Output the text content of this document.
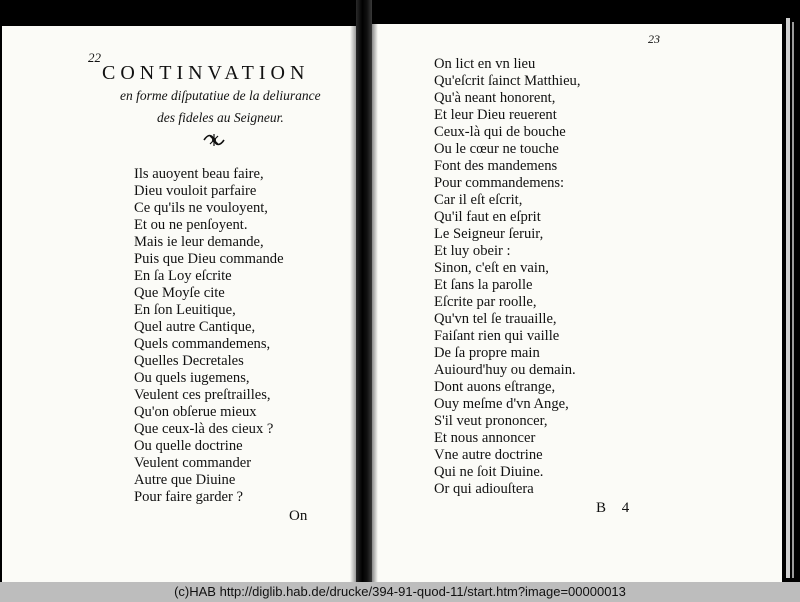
22
CONTINVATION
en forme diſputatiue de la deliurance
des fideles au Seigneur.
Ils auoyent beau faire,
Dieu vouloit parfaire
Ce qu'ils ne vouloyent,
Et ou ne penſoyent.
Mais ie leur demande,
Puis que Dieu commande
En ſa Loy eſcrite
Que Moyſe cite
En ſon Leuitique,
Quel autre Cantique,
Quels commandemens,
Quelles Decretales
Ou quels iugemens,
Veulent ces preſtrailles,
Qu'on obſerue mieux
Que ceux-là des cieux ?
Ou quelle doctrine
Veulent commander
Autre que Diuine
Pour faire garder ?
On
23
On lict en vn lieu
Qu'eſcrit ſainct Matthieu,
Qu'à neant honorent,
Et leur Dieu reuerent
Ceux-là qui de bouche
Ou le cœur ne touche
Font des mandemens
Pour commandemens:
Car il eſt eſcrit,
Qu'il faut en eſprit
Le Seigneur ſeruir,
Et luy obeir :
Sinon, c'eſt en vain,
Et ſans la parolle
Eſcrite par roolle,
Qu'vn tel ſe trauaille,
Faiſant rien qui vaille
De ſa propre main
Auiourd'huy ou demain.
Dont auons eſtrange,
Ouy meſme d'vn Ange,
S'il veut prononcer,
Et nous annoncer
Vne autre doctrine
Qui ne ſoit Diuine.
Or qui adiouſtera
B 4
(c)HAB http://diglib.hab.de/drucke/394-91-quod-11/start.htm?image=00000013
